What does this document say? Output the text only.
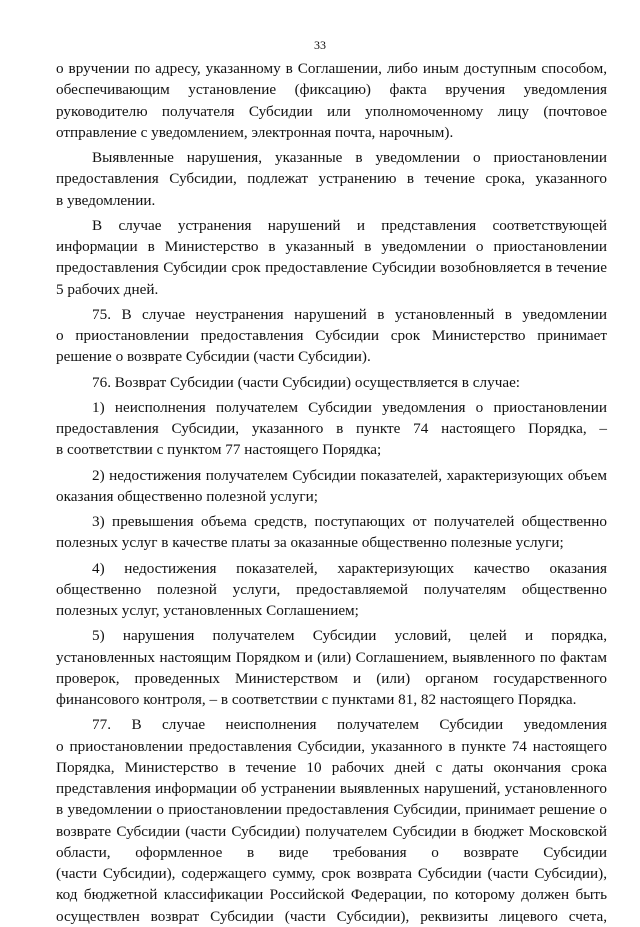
33
о вручении по адресу, указанному в Соглашении, либо иным доступным способом,
обеспечивающим установление (фиксацию) факта вручения уведомления
руководителю получателя Субсидии или уполномоченному лицу (почтовое
отправление с уведомлением, электронная почта, нарочным).
Выявленные нарушения, указанные в уведомлении о приостановлении
предоставления Субсидии, подлежат устранению в течение срока, указанного
в уведомлении.
В случае устранения нарушений и представления соответствующей
информации в Министерство в указанный в уведомлении о приостановлении
предоставления Субсидии срок предоставление Субсидии возобновляется в течение
5 рабочих дней.
75. В случае неустранения нарушений в установленный в уведомлении
о приостановлении предоставления Субсидии срок Министерство принимает
решение о возврате Субсидии (части Субсидии).
76. Возврат Субсидии (части Субсидии) осуществляется в случае:
1) неисполнения получателем Субсидии уведомления о приостановлении
предоставления Субсидии, указанного в пункте 74 настоящего Порядка, –
в соответствии с пунктом 77 настоящего Порядка;
2) недостижения получателем Субсидии показателей, характеризующих объем
оказания общественно полезной услуги;
3) превышения объема средств, поступающих от получателей общественно
полезных услуг в качестве платы за оказанные общественно полезные услуги;
4) недостижения показателей, характеризующих качество оказания
общественно полезной услуги, предоставляемой получателям общественно
полезных услуг, установленных Соглашением;
5) нарушения получателем Субсидии условий, целей и порядка,
установленных настоящим Порядком и (или) Соглашением, выявленного по фактам
проверок, проведенных Министерством и (или) органом государственного
финансового контроля, – в соответствии с пунктами 81, 82 настоящего Порядка.
77. В случае неисполнения получателем Субсидии уведомления
о приостановлении предоставления Субсидии, указанного в пункте 74 настоящего
Порядка, Министерство в течение 10 рабочих дней с даты окончания срока
представления информации об устранении выявленных нарушений, установленного
в уведомлении о приостановлении предоставления Субсидии, принимает решение о
возврате Субсидии (части Субсидии) получателем Субсидии в бюджет Московской
области, оформленное в виде требования о возврате Субсидии
(части Субсидии), содержащего сумму, срок возврата Субсидии (части Субсидии),
код бюджетной классификации Российской Федерации, по которому должен быть
осуществлен возврат Субсидии (части Субсидии), реквизиты лицевого счета,
